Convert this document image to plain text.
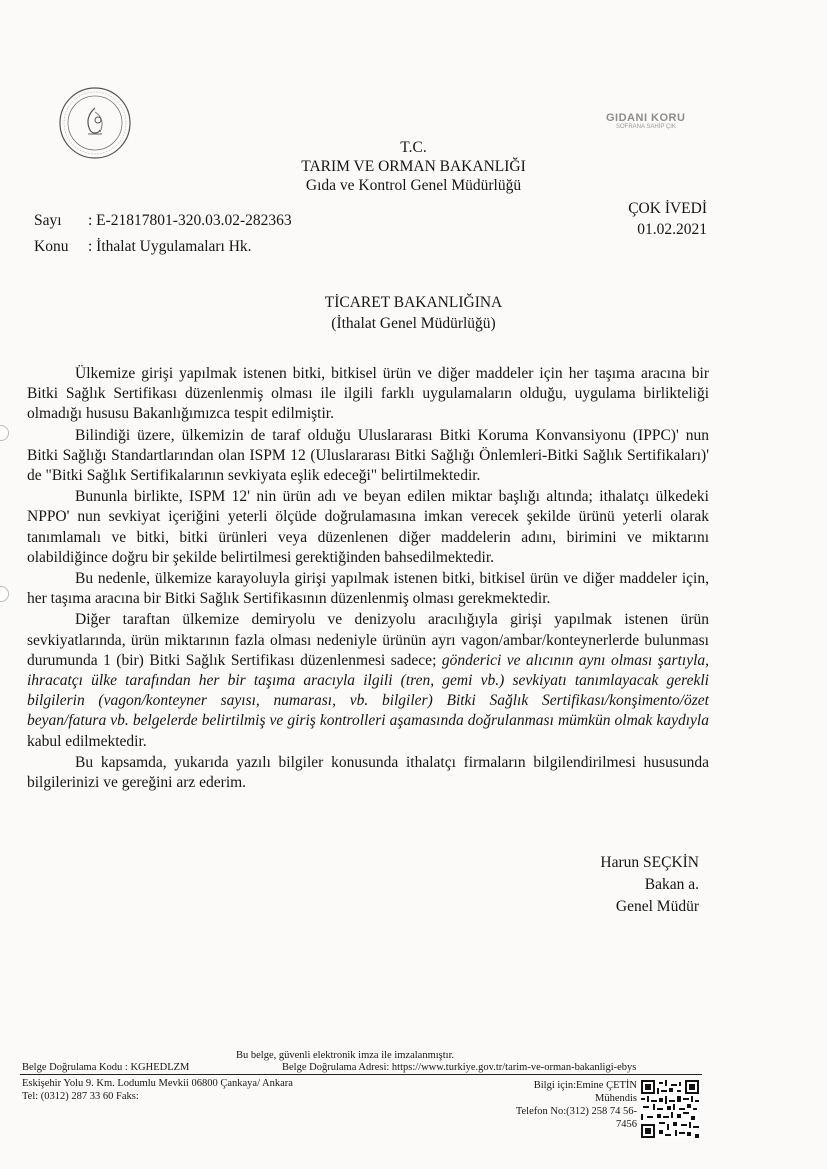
GIDANI KORU
SOFRANA SAHİP ÇIK
T.C.
TARIM VE ORMAN BAKANLIĞI
Gıda ve Kontrol Genel Müdürlüğü
Sayı : E-21817801-320.03.02-282363
Konu : İthalat Uygulamaları Hk.
ÇOK İVEDİ
01.02.2021
TİCARET BAKANLIĞINA
(İthalat Genel Müdürlüğü)

Ülkemize girişi yapılmak istenen bitki, bitkisel ürün ve diğer maddeler için her taşıma aracına bir Bitki Sağlık Sertifikası düzenlenmiş olması ile ilgili farklı uygulamaların olduğu, uygulama birlikteliği olmadığı hususu Bakanlığımızca tespit edilmiştir.

Bilindiği üzere, ülkemizin de taraf olduğu Uluslararası Bitki Koruma Konvansiyonu (IPPC)' nun Bitki Sağlığı Standartlarından olan ISPM 12 (Uluslararası Bitki Sağlığı Önlemleri-Bitki Sağlık Sertifikaları)' de "Bitki Sağlık Sertifikalarının sevkiyata eşlik edeceği" belirtilmektedir.

Bununla birlikte, ISPM 12' nin ürün adı ve beyan edilen miktar başlığı altında; ithalatçı ülkedeki NPPO' nun sevkiyat içeriğini yeterli ölçüde doğrulamasına imkan verecek şekilde ürünü yeterli olarak tanımlamalı ve bitki, bitki ürünleri veya düzenlenen diğer maddelerin adını, birimini ve miktarını olabildiğince doğru bir şekilde belirtilmesi gerektiğinden bahsedilmektedir.

Bu nedenle, ülkemize karayoluyla girişi yapılmak istenen bitki, bitkisel ürün ve diğer maddeler için, her taşıma aracına bir Bitki Sağlık Sertifikasının düzenlenmiş olması gerekmektedir.

Diğer taraftan ülkemize demiryolu ve denizyolu aracılığıyla girişi yapılmak istenen ürün sevkiyatlarında, ürün miktarının fazla olması nedeniyle ürünün ayrı vagon/ambar/konteynerlerde bulunması durumunda 1 (bir) Bitki Sağlık Sertifikası düzenlenmesi sadece; gönderici ve alıcının aynı olması şartıyla, ihracatçı ülke tarafından her bir taşıma aracıyla ilgili (tren, gemi vb.) sevkiyatı tanımlayacak gerekli bilgilerin (vagon/konteyner sayısı, numarası, vb. bilgiler) Bitki Sağlık Sertifikası/konşimento/özet beyan/fatura vb. belgelerde belirtilmiş ve giriş kontrolleri aşamasında doğrulanması mümkün olmak kaydıyla kabul edilmektedir.

Bu kapsamda, yukarıda yazılı bilgiler konusunda ithalatçı firmaların bilgilendirilmesi hususunda bilgilerinizi ve gereğini arz ederim.

Harun SEÇKİN
Bakan a.
Genel Müdür
Bu belge, güvenli elektronik imza ile imzalanmıştır.
Belge Doğrulama Kodu : KGHEDLZM	Belge Doğrulama Adresi: https://www.turkiye.gov.tr/tarim-ve-orman-bakanligi-ebys
Eskişehir Yolu 9. Km. Lodumlu Mevkii 06800 Çankaya/ Ankara
Tel: (0312) 287 33 60 Faks:
Bilgi için:Emine ÇETİN
Mühendis
Telefon No:(312) 258 74 56-
7456
